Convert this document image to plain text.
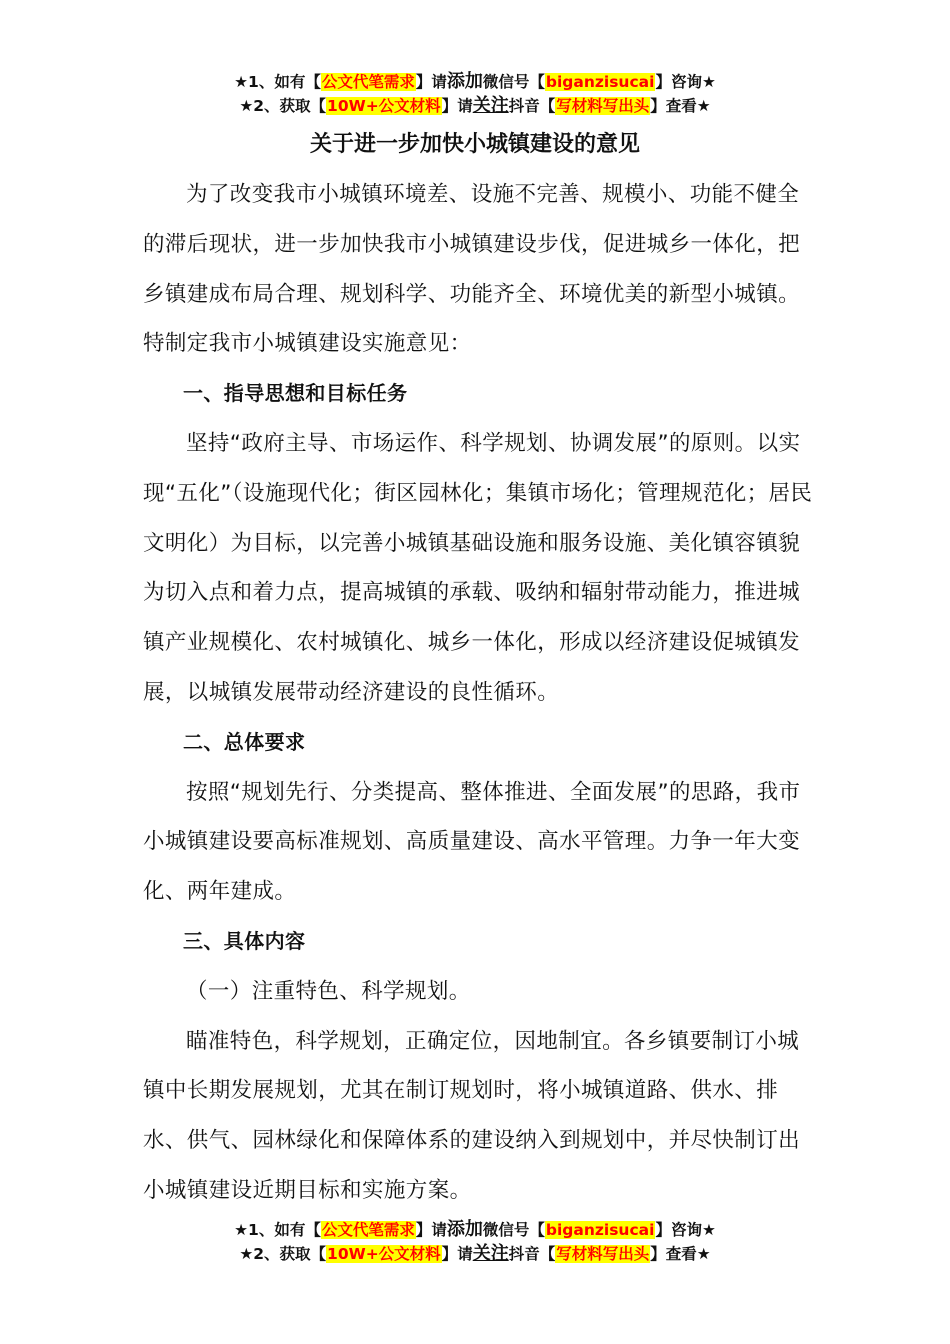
★1、如有【公文代笔需求】请添加微信号【biganzisucai】咨询★
★2、获取【10W+公文材料】请关注抖音【写材料写出头】查看★
关于进一步加快小城镇建设的意见

为了改变我市小城镇环境差、设施不完善、规模小、功能不健全的滞后现状，进一步加快我市小城镇建设步伐，促进城乡一体化，把乡镇建成布局合理、规划科学、功能齐全、环境优美的新型小城镇。特制定我市小城镇建设实施意见：

一、指导思想和目标任务

坚持“政府主导、市场运作、科学规划、协调发展”的原则。以实现“五化”（设施现代化；街区园林化；集镇市场化；管理规范化；居民文明化）为目标，以完善小城镇基础设施和服务设施、美化镇容镇貌为切入点和着力点，提高城镇的承载、吸纳和辐射带动能力，推进城镇产业规模化、农村城镇化、城乡一体化，形成以经济建设促城镇发展，以城镇发展带动经济建设的良性循环。

二、总体要求

按照“规划先行、分类提高、整体推进、全面发展”的思路，我市小城镇建设要高标准规划、高质量建设、高水平管理。力争一年大变化、两年建成。

三、具体内容

（一）注重特色、科学规划。

瞄准特色，科学规划，正确定位，因地制宜。各乡镇要制订小城镇中长期发展规划，尤其在制订规划时，将小城镇道路、供水、排水、供气、园林绿化和保障体系的建设纳入到规划中，并尽快制订出小城镇建设近期目标和实施方案。

★1、如有【公文代笔需求】请添加微信号【biganzisucai】咨询★
★2、获取【10W+公文材料】请关注抖音【写材料写出头】查看★
